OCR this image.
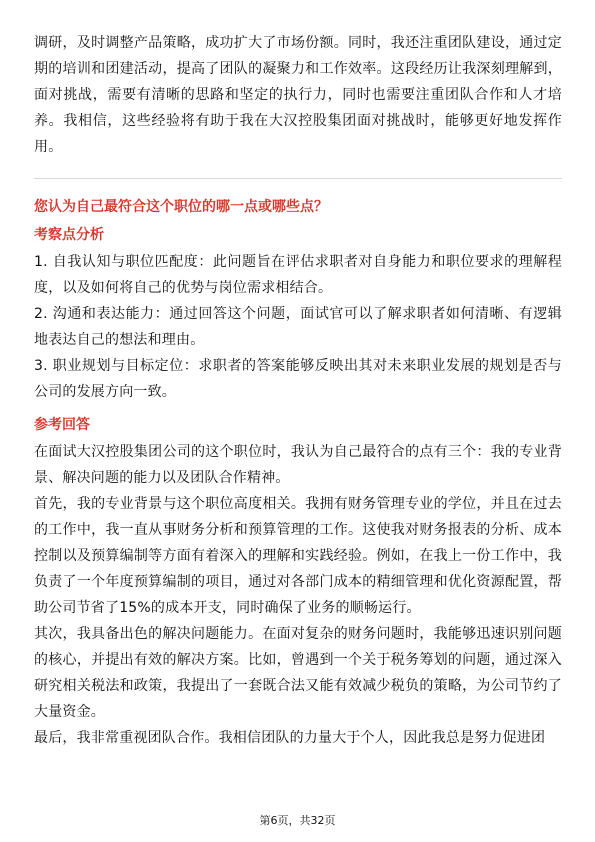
调研，及时调整产品策略，成功扩大了市场份额。同时，我还注重团队建设，通过定期的培训和团建活动，提高了团队的凝聚力和工作效率。这段经历让我深刻理解到，面对挑战，需要有清晰的思路和坚定的执行力，同时也需要注重团队合作和人才培养。我相信，这些经验将有助于我在大汉控股集团面对挑战时，能够更好地发挥作用。

您认为自己最符合这个职位的哪一点或哪些点？

考察点分析

1. 自我认知与职位匹配度：此问题旨在评估求职者对自身能力和职位要求的理解程度，以及如何将自己的优势与岗位需求相结合。

2. 沟通和表达能力：通过回答这个问题，面试官可以了解求职者如何清晰、有逻辑地表达自己的想法和理由。

3. 职业规划与目标定位：求职者的答案能够反映出其对未来职业发展的规划是否与公司的发展方向一致。

参考回答

在面试大汉控股集团公司的这个职位时，我认为自己最符合的点有三个：我的专业背景、解决问题的能力以及团队合作精神。

首先，我的专业背景与这个职位高度相关。我拥有财务管理专业的学位，并且在过去的工作中，我一直从事财务分析和预算管理的工作。这使我对财务报表的分析、成本控制以及预算编制等方面有着深入的理解和实践经验。例如，在我上一份工作中，我负责了一个年度预算编制的项目，通过对各部门成本的精细管理和优化资源配置，帮助公司节省了15%的成本开支，同时确保了业务的顺畅运行。

其次，我具备出色的解决问题能力。在面对复杂的财务问题时，我能够迅速识别问题的核心，并提出有效的解决方案。比如，曾遇到一个关于税务筹划的问题，通过深入研究相关税法和政策，我提出了一套既合法又能有效减少税负的策略，为公司节约了大量资金。

最后，我非常重视团队合作。我相信团队的力量大于个人，因此我总是努力促进团

第6页，共32页
